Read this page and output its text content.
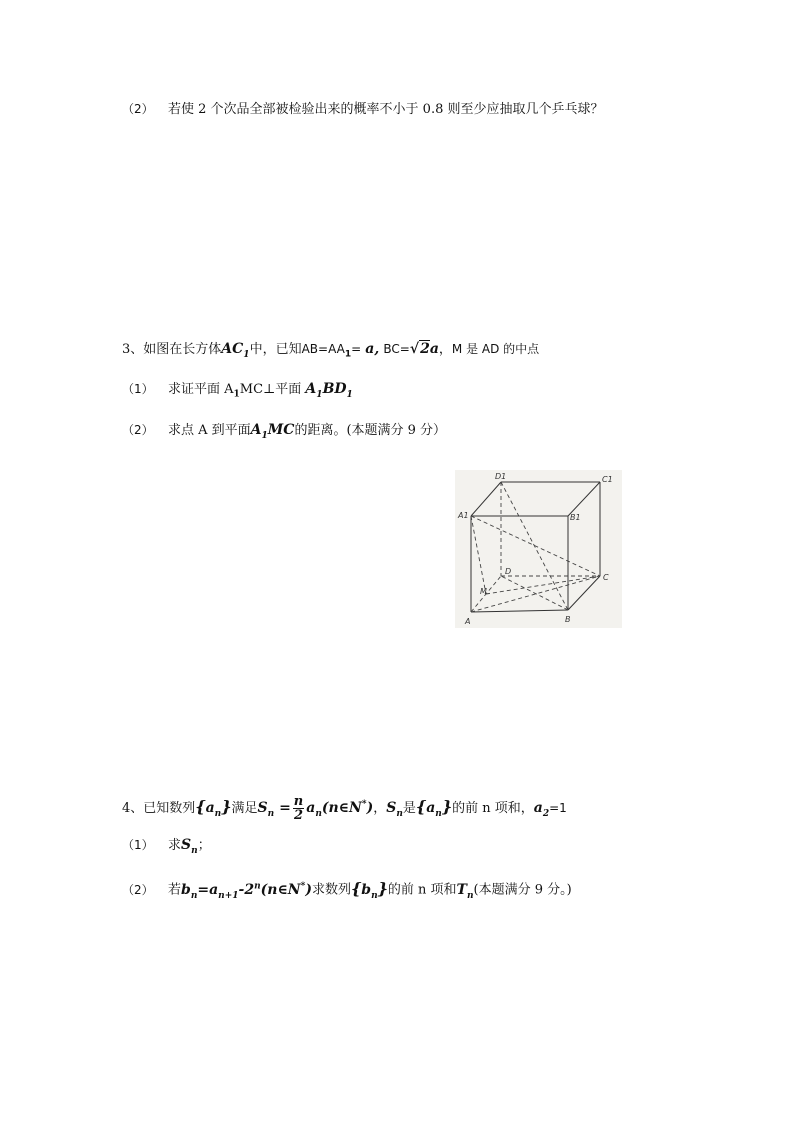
（2） 若使 2 个次品全部被检验出来的概率不小于 0.8 则至少应抽取几个乒乓球？
3、如图在长方体$AC_1$中，已知$AB=AA_1= a$, BC=√2a，M 是 AD 的中点
（1） 求证平面 $A_1MC\perp$平面 $A_1BD_1$
（2） 求点 A 到平面$A_1MC$的距离。(本题满分 9 分）
D1	C1
A1	B1
D
C
M
A	B
4、已知数列$\{a_n\}$满足$S_n = \frac{n}{2}$ $a_n(n\in N^*)$，$S_n$是$\{a_n\}$的前 n 项和，$a_2=1$
（1） 求$S_n$；
（2） 若$b_n=a_{n+1}-2^n(n\in N^*)$求数列$\{b_n\}$的前 n 项和$T_n$(本题满分 9 分。)
